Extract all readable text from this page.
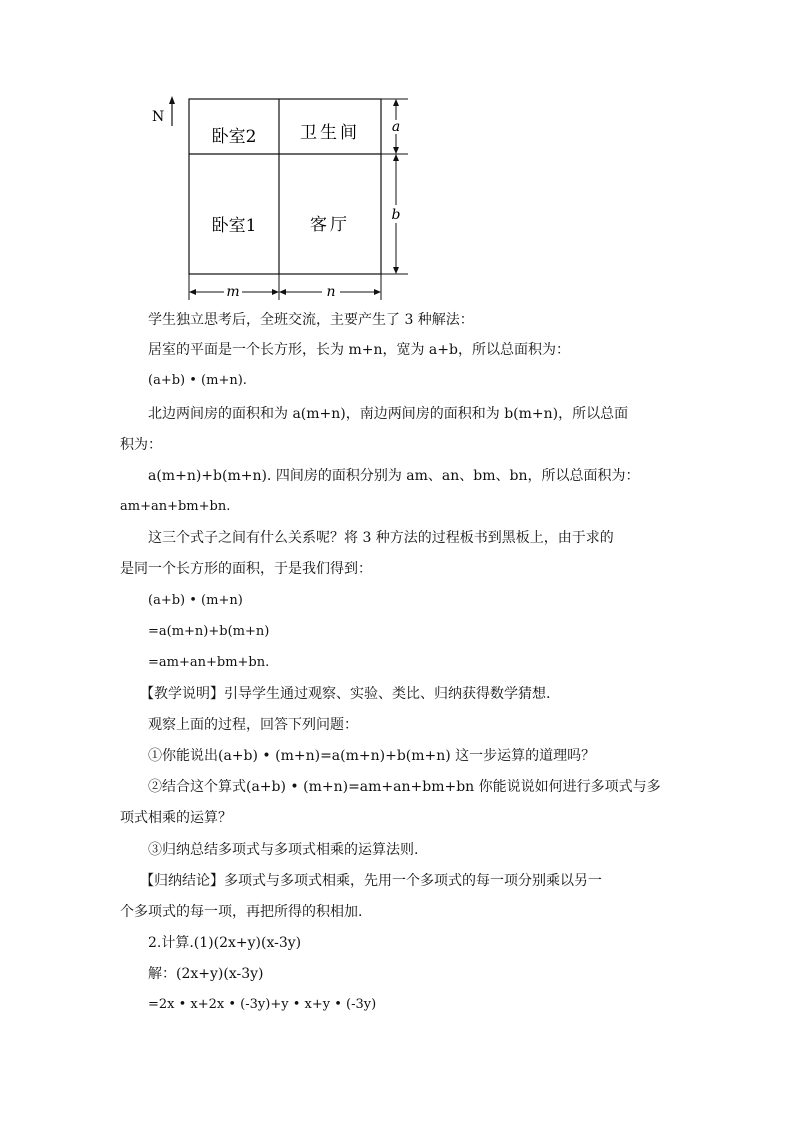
N
卧室2	卫生间
卧室1	客厅
a
b
m	n
学生独立思考后，全班交流，主要产生了 3 种解法：
居室的平面是一个长方形，长为 m+n，宽为 a+b，所以总面积为：
(a+b) • (m+n).
北边两间房的面积和为 a(m+n)，南边两间房的面积和为 b(m+n)，所以总面
积为：
a(m+n)+b(m+n). 四间房的面积分别为 am、an、bm、bn，所以总面积为：
am+an+bm+bn.
这三个式子之间有什么关系呢？将 3 种方法的过程板书到黑板上，由于求的
是同一个长方形的面积，于是我们得到：
(a+b) • (m+n)
=a(m+n)+b(m+n)
=am+an+bm+bn.
【教学说明】引导学生通过观察、实验、类比、归纳获得数学猜想.
观察上面的过程，回答下列问题：
①你能说出(a+b) • (m+n)=a(m+n)+b(m+n) 这一步运算的道理吗？
②结合这个算式(a+b) • (m+n)=am+an+bm+bn 你能说说如何进行多项式与多
项式相乘的运算？
③归纳总结多项式与多项式相乘的运算法则.
【归纳结论】多项式与多项式相乘，先用一个多项式的每一项分别乘以另一
个多项式的每一项，再把所得的积相加.
2.计算.(1)(2x+y)(x-3y)
解：(2x+y)(x-3y)
=2x • x+2x • (-3y)+y • x+y • (-3y)
